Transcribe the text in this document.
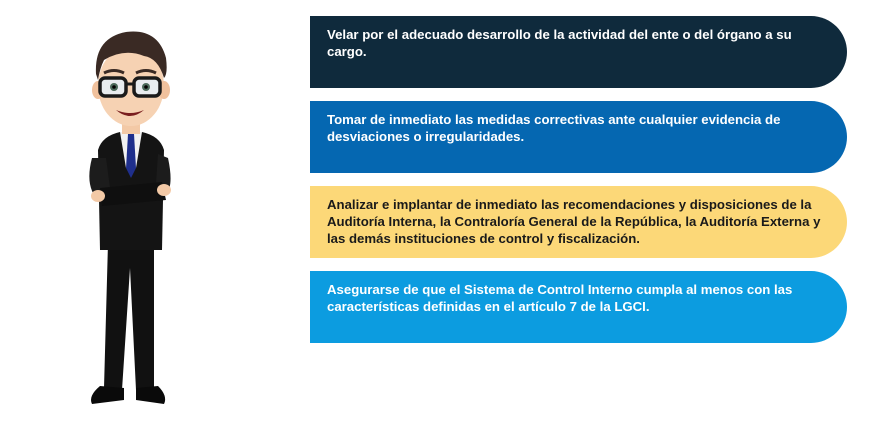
Velar por el adecuado desarrollo de la actividad del ente o del órgano a su cargo.
Tomar de inmediato las medidas correctivas ante cualquier evidencia de desviaciones o irregularidades.
Analizar e implantar de inmediato las recomendaciones y disposiciones de la Auditoría Interna, la Contraloría General de la República, la Auditoría Externa y las demás instituciones de control y fiscalización.
Asegurarse de que el Sistema de Control Interno cumpla al menos con las características definidas en el artículo 7 de la LGCI.
